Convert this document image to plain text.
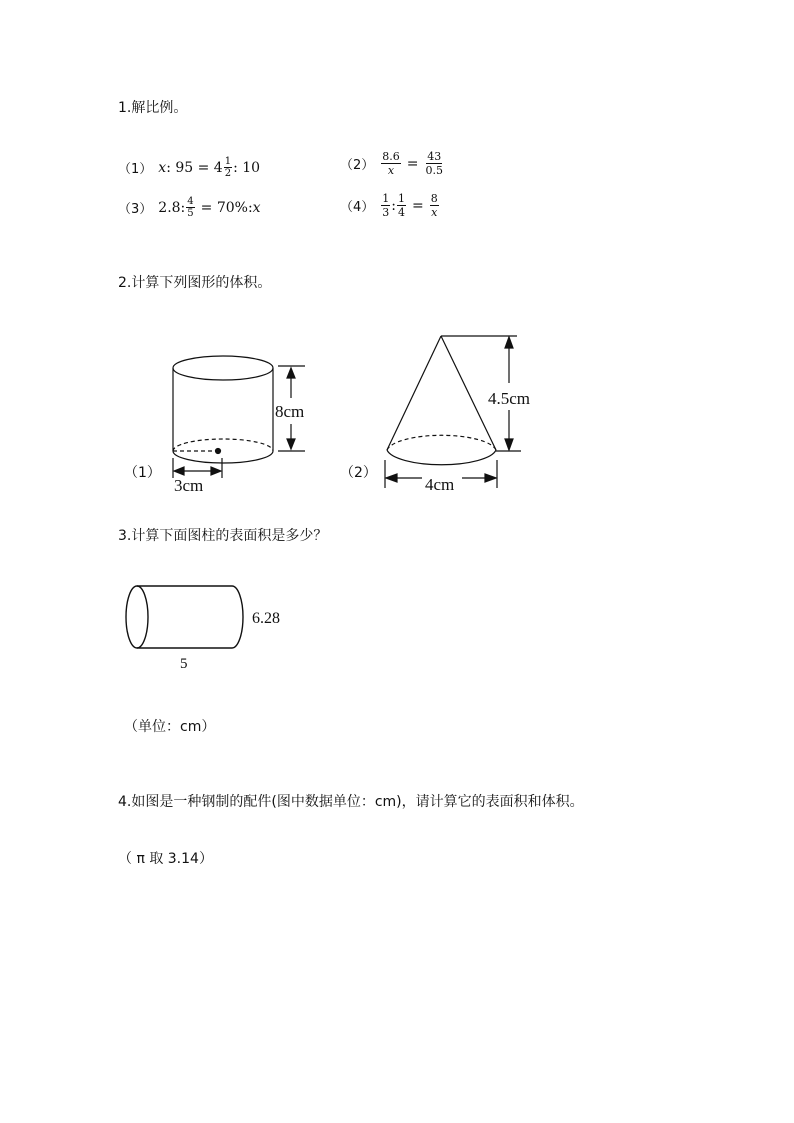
1.解比例。
（1） x : $95 = 4 \frac{1}{2}$ : 10	$(2) \frac{8.6}{x} = \frac{43}{0.5}$
（3） 2.8: $\frac{4}{5} = 70\%$: x	$(4) \frac{1}{3}$ : $\frac{1}{4} = \frac{8}{x}$
2.计算下列图形的体积。
（1）	（2）
3.计算下面图柱的表面积是多少？
（单位：cm）
4.如图是一种钢制的配件(图中数据单位：cm)，请计算它的表面积和体积。
（ π 取 3.14）
8cm
3cm
4.5cm
4cm
6.28
5
